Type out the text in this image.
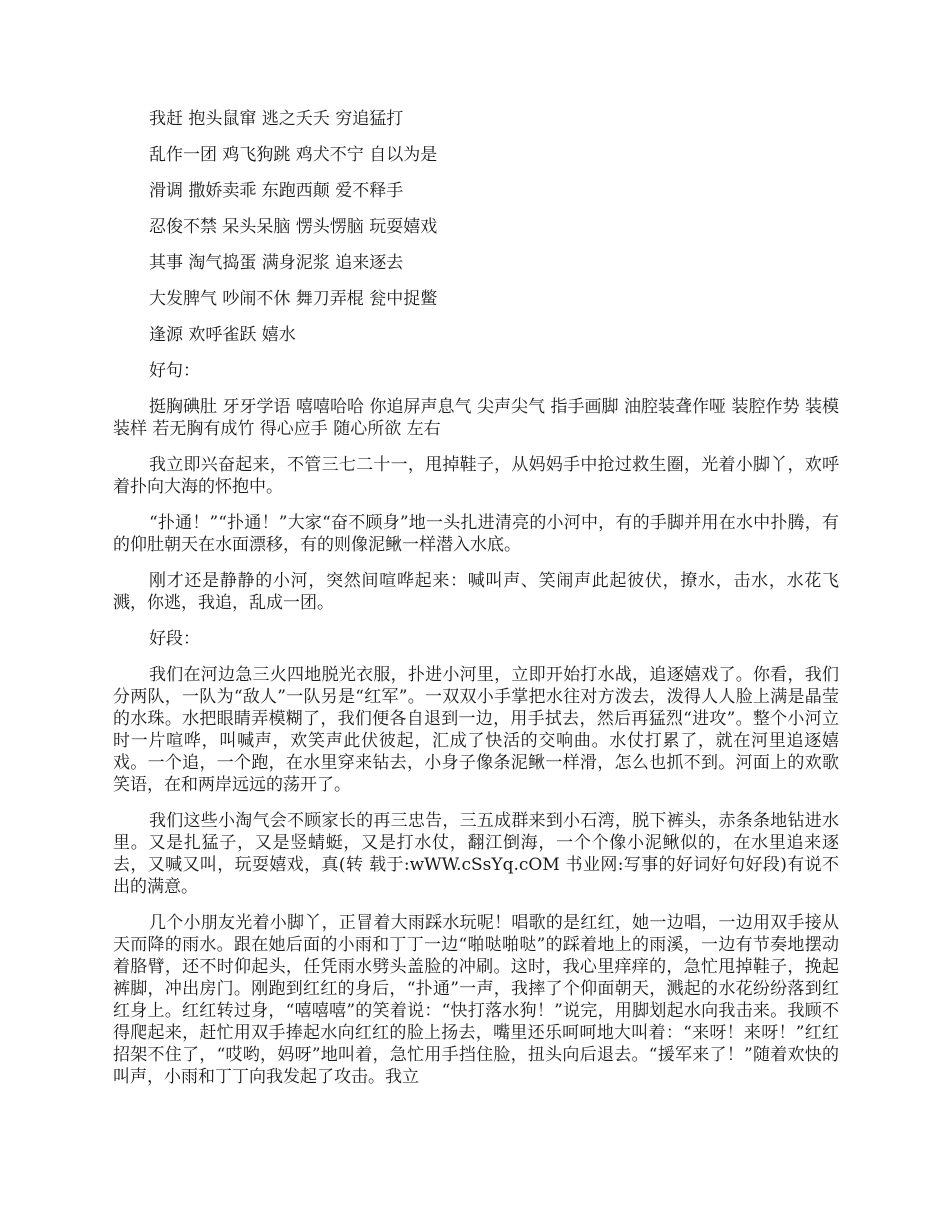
我赶 抱头鼠窜 逃之夭夭 穷追猛打
乱作一团 鸡飞狗跳 鸡犬不宁 自以为是
滑调 撒娇卖乖 东跑西颠 爱不释手
忍俊不禁 呆头呆脑 愣头愣脑 玩耍嬉戏
其事 淘气捣蛋 满身泥浆 追来逐去
大发脾气 吵闹不休 舞刀弄棍 瓮中捉鳖
逢源 欢呼雀跃 嬉水
好句：

挺胸碘肚 牙牙学语 嘻嘻哈哈 你追屏声息气 尖声尖气 指手画脚 油腔装聋作哑 装腔作势 装模装样 若无胸有成竹 得心应手 随心所欲 左右

我立即兴奋起来，不管三七二十一，甩掉鞋子，从妈妈手中抢过救生圈，光着小脚丫，欢呼着扑向大海的怀抱中。

“扑通！”“扑通！”大家“奋不顾身”地一头扎进清亮的小河中，有的手脚并用在水中扑腾，有的仰肚朝天在水面漂移，有的则像泥鳅一样潜入水底。

刚才还是静静的小河，突然间喧哗起来：喊叫声、笑闹声此起彼伏，撩水，击水，水花飞溅，你逃，我追，乱成一团。

好段：

我们在河边急三火四地脱光衣服，扑进小河里，立即开始打水战，追逐嬉戏了。你看，我们分两队，一队为“敌人”一队另是“红军”。一双双小手掌把水往对方泼去，泼得人人脸上满是晶莹的水珠。水把眼睛弄模糊了，我们便各自退到一边，用手拭去，然后再猛烈“进攻”。整个小河立时一片喧哗，叫喊声，欢笑声此伏彼起，汇成了快活的交响曲。水仗打累了，就在河里追逐嬉戏。一个追，一个跑，在水里穿来钻去，小身子像条泥鳅一样滑，怎么也抓不到。河面上的欢歌笑语，在和两岸远远的荡开了。

我们这些小淘气会不顾家长的再三忠告，三五成群来到小石湾，脱下裤头，赤条条地钻进水里。又是扎猛子，又是竖蜻蜓，又是打水仗，翻江倒海，一个个像小泥鳅似的，在水里追来逐去，又喊又叫，玩耍嬉戏，真(转 载于:wWW.cSsYq.cOM 书业网:写事的好词好句好段)有说不出的满意。

几个小朋友光着小脚丫，正冒着大雨踩水玩呢！唱歌的是红红，她一边唱，一边用双手接从天而降的雨水。跟在她后面的小雨和丁丁一边“啪哒啪哒”的踩着地上的雨溪，一边有节奏地摆动着胳臂，还不时仰起头，任凭雨水劈头盖脸的冲刷。这时，我心里痒痒的，急忙甩掉鞋子，挽起裤脚，冲出房门。刚跑到红红的身后，“扑通”一声，我摔了个仰面朝天，溅起的水花纷纷落到红红身上。红红转过身，“嘻嘻嘻”的笑着说：“快打落水狗！”说完，用脚划起水向我击来。我顾不得爬起来，赶忙用双手捧起水向红红的脸上扬去，嘴里还乐呵呵地大叫着：“来呀！来呀！”红红招架不住了，“哎哟，妈呀”地叫着，急忙用手挡住脸，扭头向后退去。“援军来了！”随着欢快的叫声，小雨和丁丁向我发起了攻击。我立
